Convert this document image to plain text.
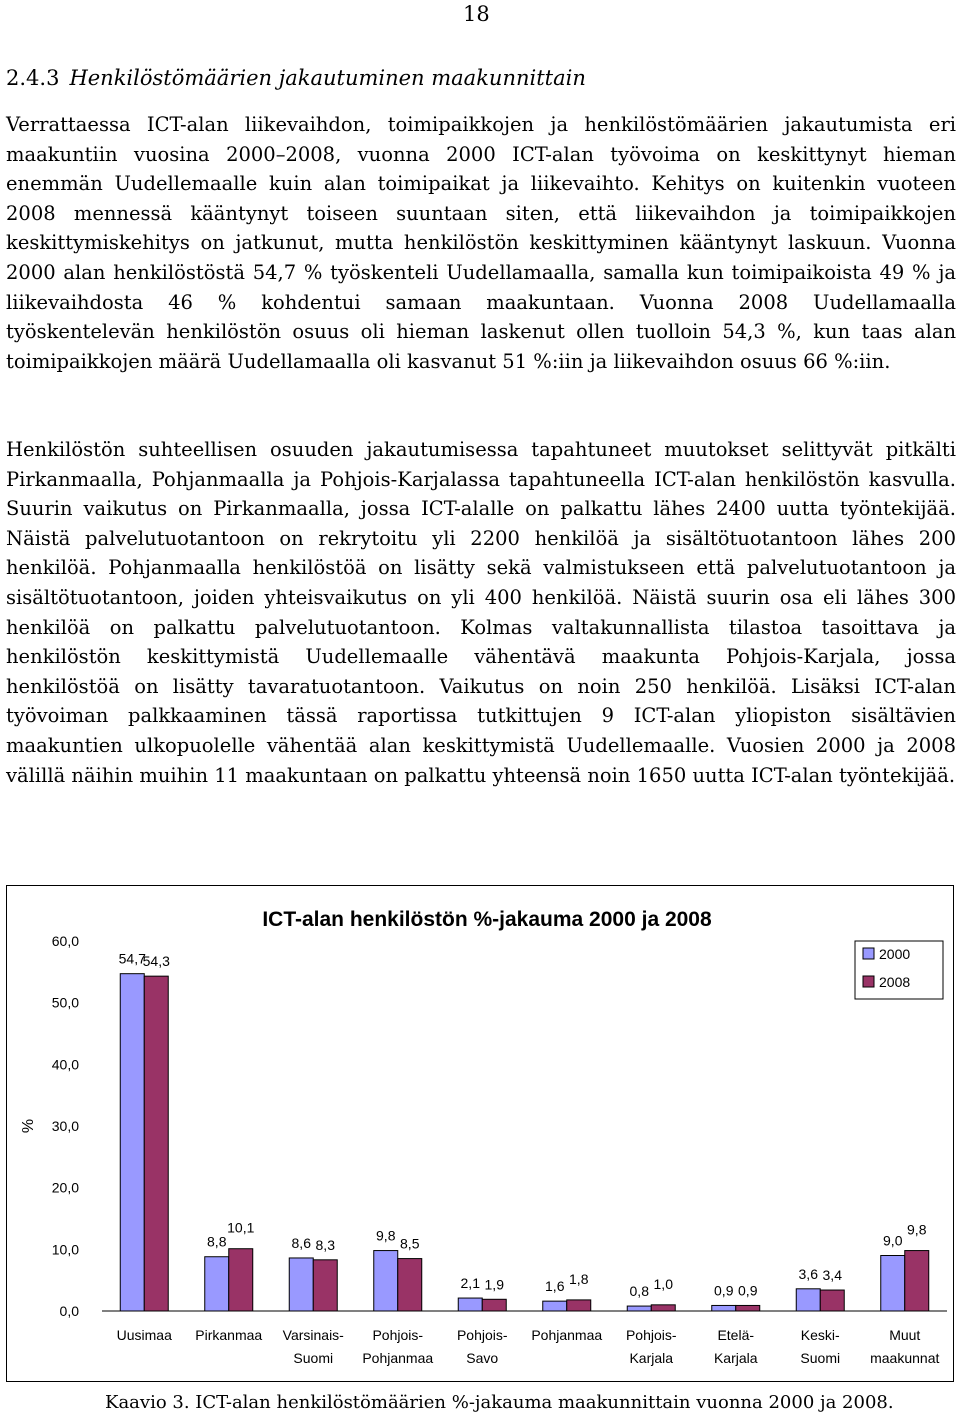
18
2.4.3 Henkilöstömäärien jakautuminen maakunnittain

Verrattaessa ICT-alan liikevaihdon, toimipaikkojen ja henkilöstömäärien jakautumista eri maakuntiin vuosina 2000–2008, vuonna 2000 ICT-alan työvoima on keskittynyt hieman enemmän Uudellemaalle kuin alan toimipaikat ja liikevaihto. Kehitys on kuitenkin vuoteen 2008 mennessä kääntynyt toiseen suuntaan siten, että liikevaihdon ja toimipaikkojen keskittymiskehitys on jatkunut, mutta henkilöstön keskittyminen kääntynyt laskuun. Vuonna 2000 alan henkilöstöstä 54,7 % työskenteli Uudellamaalla, samalla kun toimipaikoista 49 % ja liikevaihdosta 46 % kohdentui samaan maakuntaan. Vuonna 2008 Uudellamaalla työskentelevän henkilöstön osuus oli hieman laskenut ollen tuolloin 54,3 %, kun taas alan toimipaikkojen määrä Uudellamaalla oli kasvanut 51 %:iin ja liikevaihdon osuus 66 %:iin.

Henkilöstön suhteellisen osuuden jakautumisessa tapahtuneet muutokset selittyvät pitkälti Pirkanmaalla, Pohjanmaalla ja Pohjois-Karjalassa tapahtuneella ICT-alan henkilöstön kasvulla. Suurin vaikutus on Pirkanmaalla, jossa ICT-alalle on palkattu lähes 2400 uutta työntekijää. Näistä palvelutuotantoon on rekrytoitu yli 2200 henkilöä ja sisältötuotantoon lähes 200 henkilöä. Pohjanmaalla henkilöstöä on lisätty sekä valmistukseen että palvelutuotantoon ja sisältötuotantoon, joiden yhteisvaikutus on yli 400 henkilöä. Näistä suurin osa eli lähes 300 henkilöä on palkattu palvelutuotantoon. Kolmas valtakunnallista tilastoa tasoittava ja henkilöstön keskittymistä Uudellemaalle vähentävä maakunta Pohjois-Karjala, jossa henkilöstöä on lisätty tavaratuotantoon. Vaikutus on noin 250 henkilöä. Lisäksi ICT-alan työvoiman palkkaaminen tässä raportissa tutkittujen 9 ICT-alan yliopiston sisältävien maakuntien ulkopuolelle vähentää alan keskittymistä Uudellemaalle. Vuosien 2000 ja 2008 välillä näihin muihin 11 maakuntaan on palkattu yhteensä noin 1650 uutta ICT-alan työntekijää.

ICT-alan henkilöstön %-jakauma 2000 ja 2008
%
0,0
10,0
20,0
30,0
40,0
50,0
60,0
54,7
54,3
Uusimaa
8,8
10,1
Pirkanmaa
8,6 8,3
Varsinais-
Suomi
9,8
8,5
Pohjois-
Pohjanmaa
2,1 1,9
Pohjois-
Savo
1,6 1,8
Pohjanmaa
0,8 1,0
Pohjois-
Karjala
0,9 0,9
Etelä-
Karjala
3,6 3,4
Keski-
Suomi
9,0
9,8
Muut
maakunnat
2000
2008
Kaavio 3. ICT-alan henkilöstömäärien %-jakauma maakunnittain vuonna 2000 ja 2008.
